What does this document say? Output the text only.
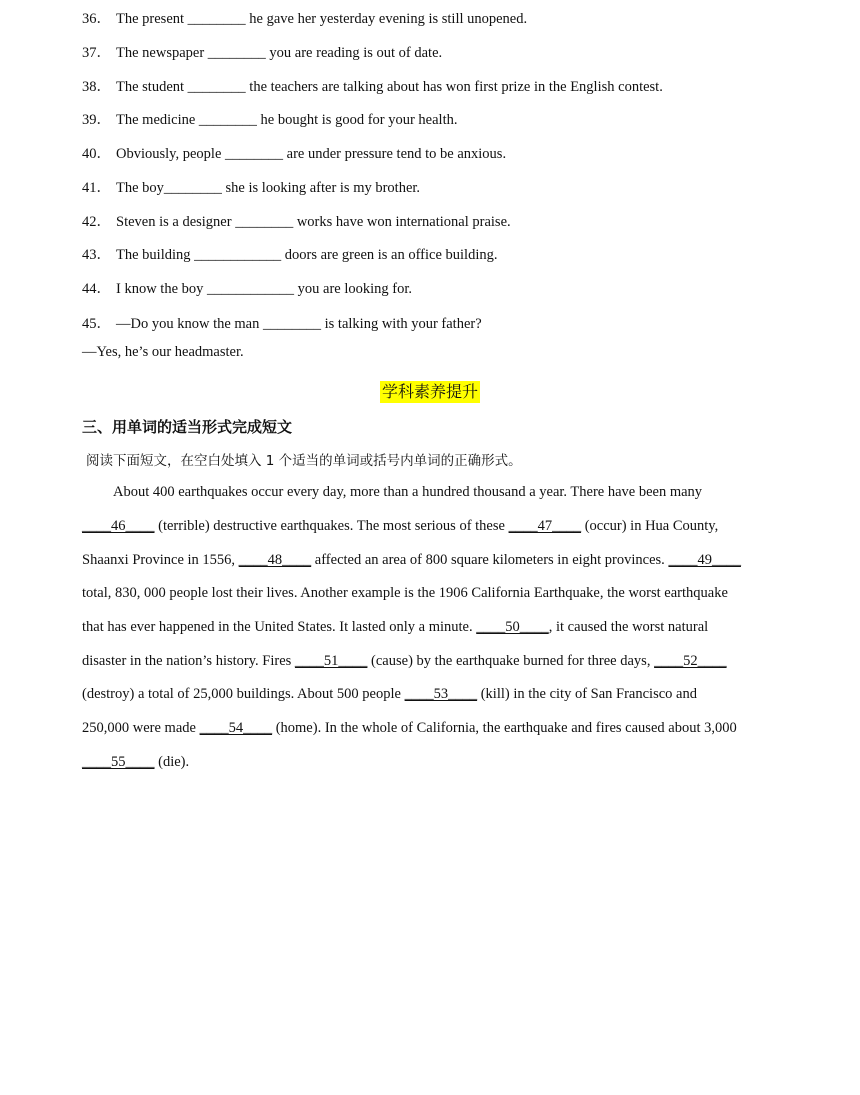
36． The present ________ he gave her yesterday evening is still unopened.
37． The newspaper ________ you are reading is out of date.
38． The student ________ the teachers are talking about has won first prize in the English contest.
39． The medicine ________ he bought is good for your health.
40． Obviously, people ________ are under pressure tend to be anxious.
41． The boy________ she is looking after is my brother.
42． Steven is a designer ________ works have won international praise.
43． The building ____________ doors are green is an office building.
44． I know the boy ____________ you are looking for.
45． —Do you know the man ________ is talking with your father?
—Yes, he’s our headmaster.
学科素养提升
三、用单词的适当形式完成短文
阅读下面短文，在空白处填入 1 个适当的单词或括号内单词的正确形式。
About 400 earthquakes occur every day, more than a hundred thousand a year. There have been many
____46____ (terrible) destructive earthquakes. The most serious of these ____47____ (occur) in Hua County,
Shaanxi Province in 1556, ____48____ affected an area of 800 square kilometers in eight provinces. ____49____
total, 830, 000 people lost their lives. Another example is the 1906 California Earthquake, the worst earthquake
that has ever happened in the United States. It lasted only a minute. ____50____, it caused the worst natural
disaster in the nation’s history. Fires ____51____ (cause) by the earthquake burned for three days, ____52____
(destroy) a total of 25,000 buildings. About 500 people ____53____ (kill) in the city of San Francisco and
250,000 were made ____54____ (home). In the whole of California, the earthquake and fires caused about 3,000
____55____ (die).
